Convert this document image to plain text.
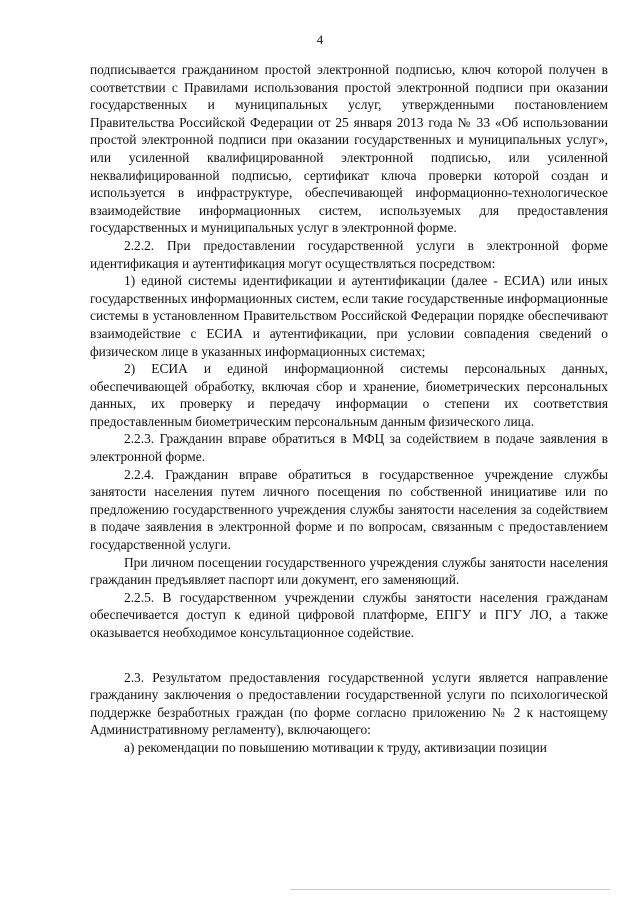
4

подписывается гражданином простой электронной подписью, ключ которой получен в соответствии с Правилами использования простой электронной подписи при оказании государственных и муниципальных услуг, утвержденными постановлением Правительства Российской Федерации от 25 января 2013 года № 33 «Об использовании простой электронной подписи при оказании государственных и муниципальных услуг», или усиленной квалифицированной электронной подписью, или усиленной неквалифицированной подписью, сертификат ключа проверки которой создан и используется в инфраструктуре, обеспечивающей информационно-технологическое взаимодействие информационных систем, используемых для предоставления государственных и муниципальных услуг в электронной форме.

2.2.2. При предоставлении государственной услуги в электронной форме идентификация и аутентификация могут осуществляться посредством:

1) единой системы идентификации и аутентификации (далее - ЕСИА) или иных государственных информационных систем, если такие государственные информационные системы в установленном Правительством Российской Федерации порядке обеспечивают взаимодействие с ЕСИА и аутентификации, при условии совпадения сведений о физическом лице в указанных информационных системах;

2) ЕСИА и единой информационной системы персональных данных, обеспечивающей обработку, включая сбор и хранение, биометрических персональных данных, их проверку и передачу информации о степени их соответствия предоставленным биометрическим персональным данным физического лица.

2.2.3. Гражданин вправе обратиться в МФЦ за содействием в подаче заявления в электронной форме.

2.2.4. Гражданин вправе обратиться в государственное учреждение службы занятости населения путем личного посещения по собственной инициативе или по предложению государственного учреждения службы занятости населения за содействием в подаче заявления в электронной форме и по вопросам, связанным с предоставлением государственной услуги.

При личном посещении государственного учреждения службы занятости населения гражданин предъявляет паспорт или документ, его заменяющий.

2.2.5. В государственном учреждении службы занятости населения гражданам обеспечивается доступ к единой цифровой платформе, ЕПГУ и ПГУ ЛО, а также оказывается необходимое консультационное содействие.

2.3. Результатом предоставления государственной услуги является направление гражданину заключения о предоставлении государственной услуги по психологической поддержке безработных граждан (по форме согласно приложению № 2 к настоящему Административному регламенту), включающего:

а) рекомендации по повышению мотивации к труду, активизации позиции
